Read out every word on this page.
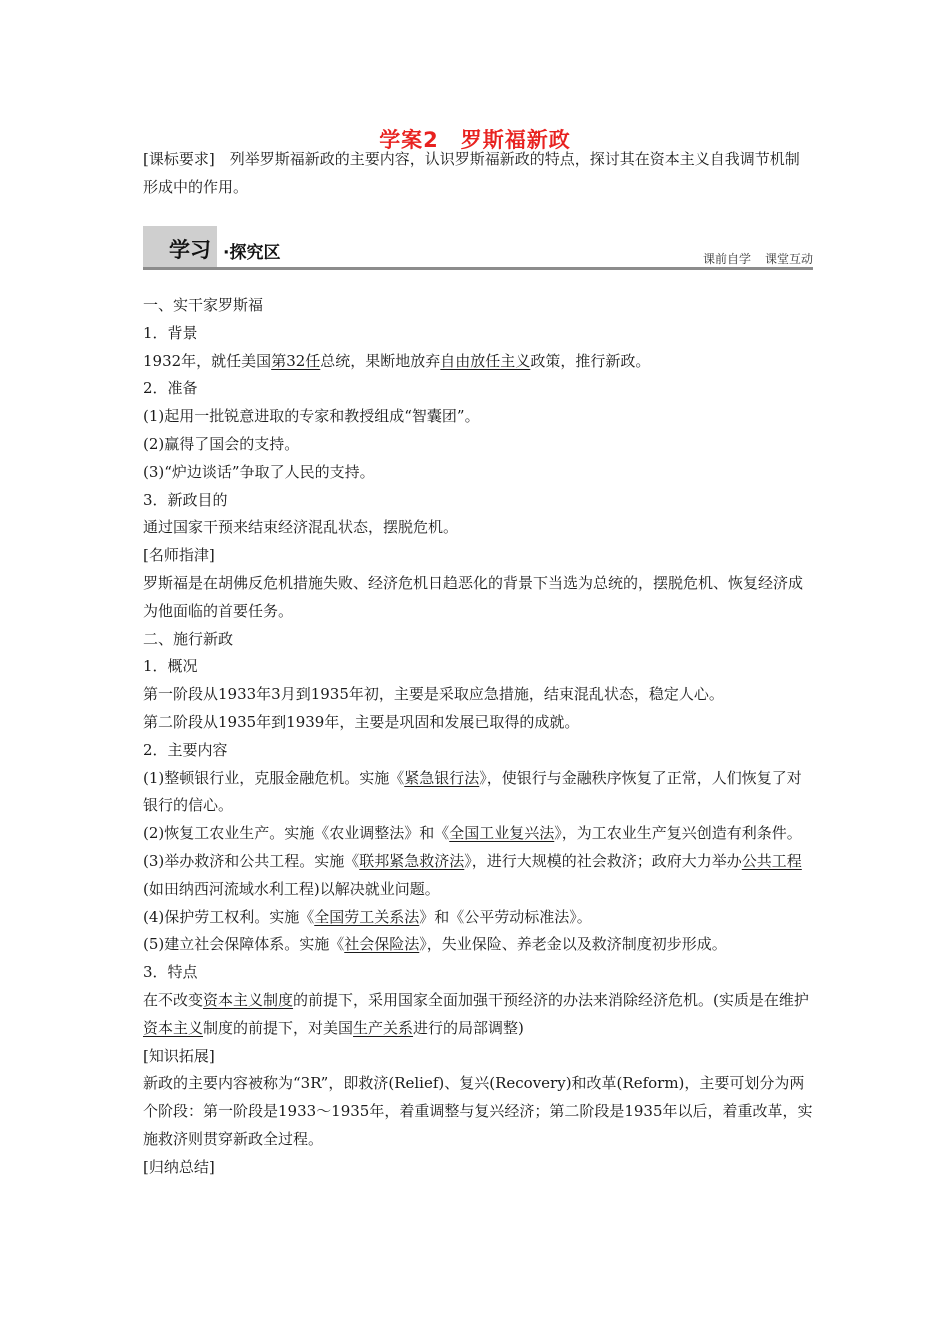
学案2　罗斯福新政
[课标要求]　列举罗斯福新政的主要内容，认识罗斯福新政的特点，探讨其在资本主义自我调节机制形成中的作用。
学习 ·探究区	课前自学 课堂互动

一、实干家罗斯福

1．背景

1932年，就任美国第32任总统，果断地放弃自由放任主义政策，推行新政。

2．准备

(1)起用一批锐意进取的专家和教授组成“智囊团”。

(2)赢得了国会的支持。

(3)“炉边谈话”争取了人民的支持。

3．新政目的

通过国家干预来结束经济混乱状态，摆脱危机。

[名师指津]

罗斯福是在胡佛反危机措施失败、经济危机日趋恶化的背景下当选为总统的，摆脱危机、恢复经济成为他面临的首要任务。

二、施行新政

1．概况

第一阶段从1933年3月到1935年初，主要是采取应急措施，结束混乱状态，稳定人心。

第二阶段从1935年到1939年，主要是巩固和发展已取得的成就。

2．主要内容

(1)整顿银行业，克服金融危机。实施《紧急银行法》，使银行与金融秩序恢复了正常，人们恢复了对银行的信心。

(2)恢复工农业生产。实施《农业调整法》和《全国工业复兴法》，为工农业生产复兴创造有利条件。

(3)举办救济和公共工程。实施《联邦紧急救济法》，进行大规模的社会救济；政府大力举办公共工程(如田纳西河流域水利工程)以解决就业问题。

(4)保护劳工权利。实施《全国劳工关系法》和《公平劳动标准法》。

(5)建立社会保障体系。实施《社会保险法》，失业保险、养老金以及救济制度初步形成。

3．特点

在不改变资本主义制度的前提下，采用国家全面加强干预经济的办法来消除经济危机。(实质是在维护资本主义制度的前提下，对美国生产关系进行的局部调整)

[知识拓展]

新政的主要内容被称为“3R”，即救济(Relief)、复兴(Recovery)和改革(Reform)，主要可划分为两个阶段：第一阶段是1933～1935年，着重调整与复兴经济；第二阶段是1935年以后，着重改革，实施救济则贯穿新政全过程。

[归纳总结]
